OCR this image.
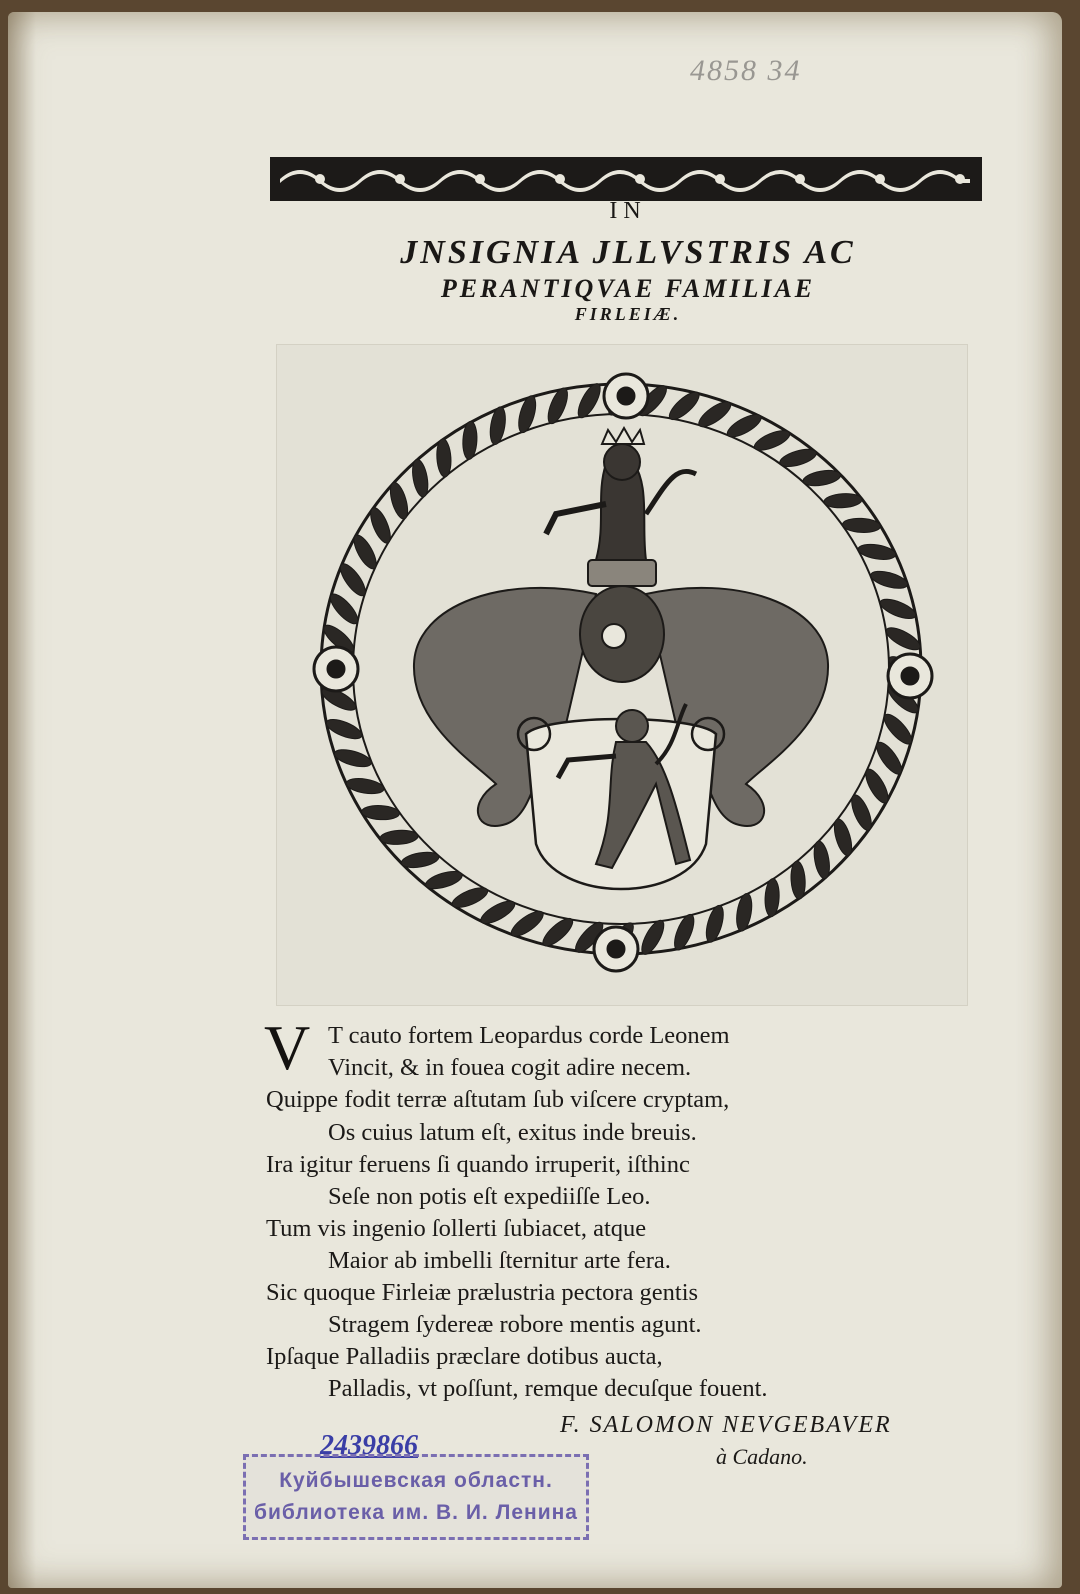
4858 34
IN
JNSIGNIA JLLVSTRIS AC
PERANTIQVAE FAMILIAE
FIRLEIÆ.
V T cauto fortem Leopardus corde Leonem
Vincit, & in fouea cogit adire necem.
Quippe fodit terræ aſtutam ſub viſcere cryptam,
Os cuius latum eſt, exitus inde breuis.
Ira igitur feruens ſi quando irruperit, iſthinc
Seſe non potis eſt expediiſſe Leo.
Tum vis ingenio ſollerti ſubiacet, atque
Maior ab imbelli ſternitur arte fera.
Sic quoque Firleiæ prælustria pectora gentis
Stragem ſydereæ robore mentis agunt.
Ipſaque Palladiis præclare dotibus aucta,
Palladis, vt poſſunt, remque decuſque fouent.
F. SALOMON NEVGEBAVER
à Cadano.
2439866
Куйбышевская областн.
библиотека им. В. И. Ленина
